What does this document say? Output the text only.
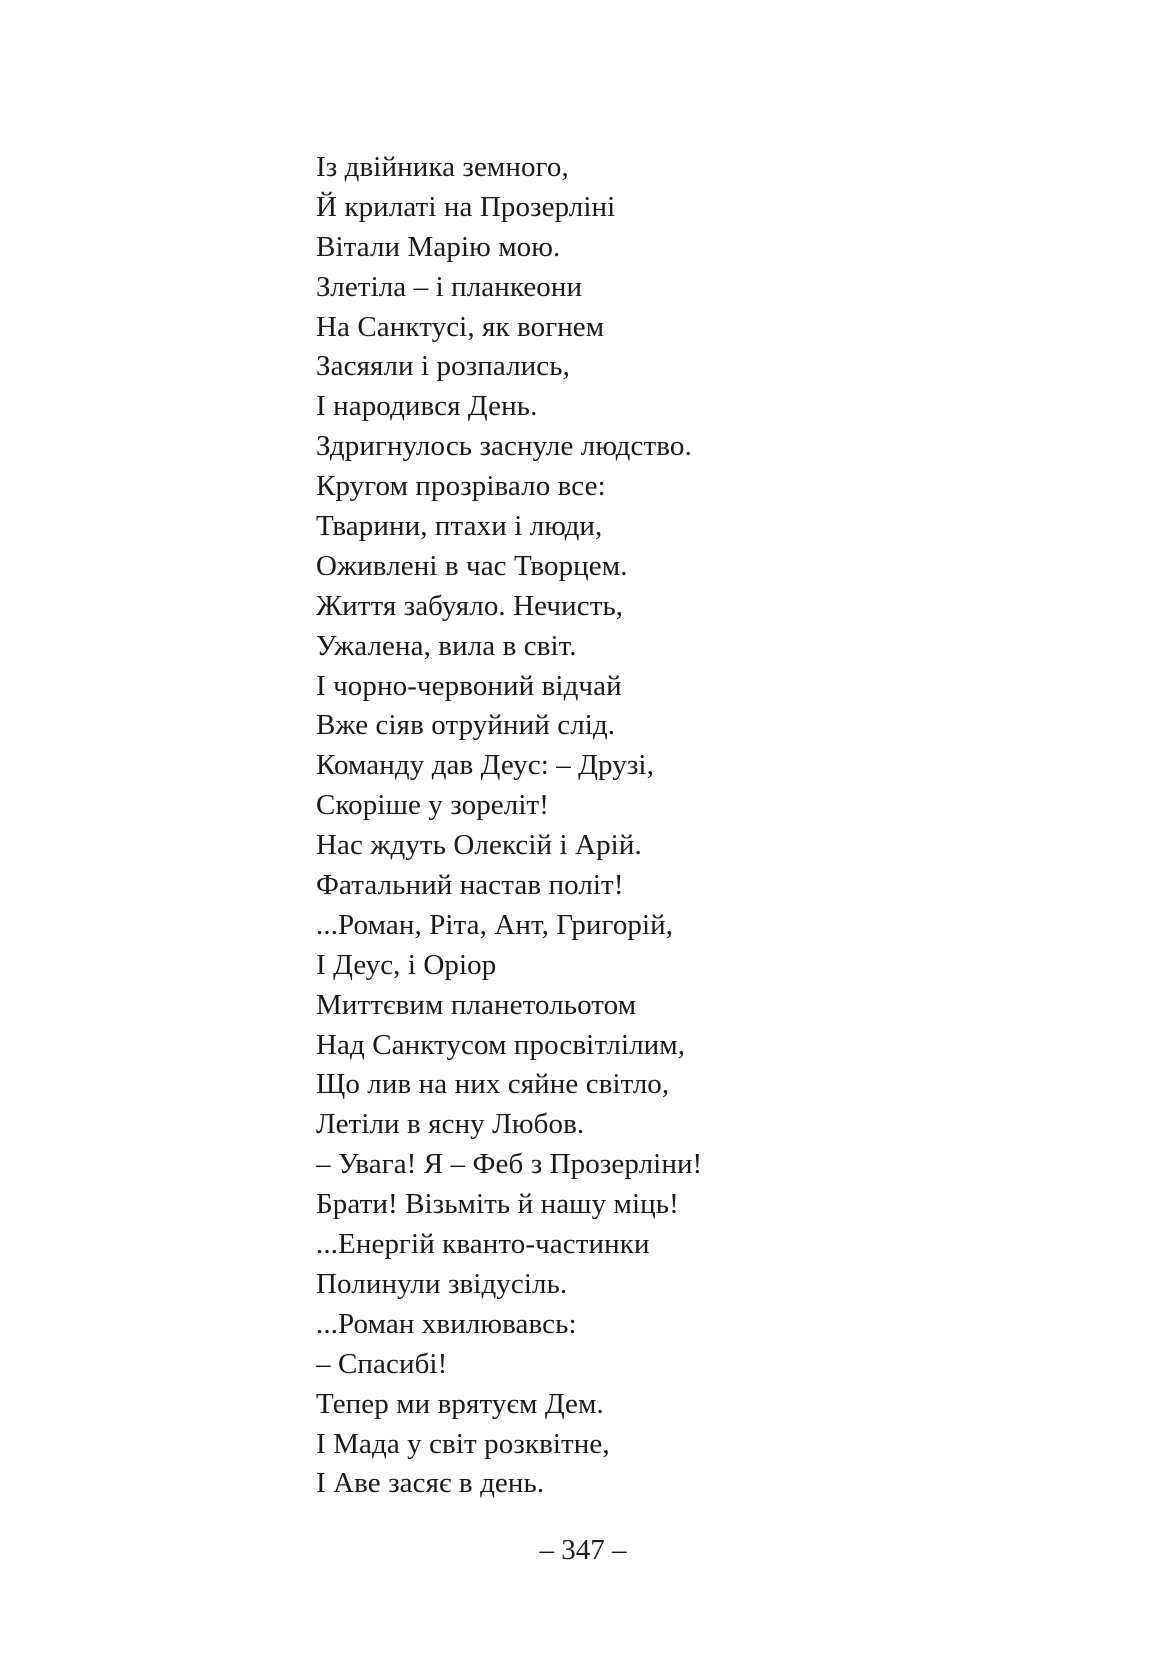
Із двійника земного,
Й крилаті на Прозерліні
Вітали Марію мою.
Злетіла – і планкеони
На Санктусі, як вогнем
Засяяли і розпались,
І народився День.
Здригнулось заснуле людство.
Кругом прозрівало все:
Тварини, птахи і люди,
Оживлені в час Творцем.
Життя забуяло. Нечисть,
Ужалена, вила в світ.
І чорно-червоний відчай
Вже сіяв отруйний слід.
Команду дав Деус: – Друзі,
Скоріше у зореліт!
Нас ждуть Олексій і Арій.
Фатальний настав політ!
...Роман, Ріта, Ант, Григорій,
І Деус, і Оріор
Миттєвим планетольотом
Над Санктусом просвітлілим,
Що лив на них сяйне світло,
Летіли в ясну Любов.
– Увага! Я – Феб з Прозерліни!
Брати! Візьміть й нашу міць!
...Енергій кванто-частинки
Полинули звідусіль.
...Роман хвилювавсь:
– Спасибі!
Тепер ми врятуєм Дем.
І Мада у світ розквітне,
І Аве засяє в день.
– 347 –
